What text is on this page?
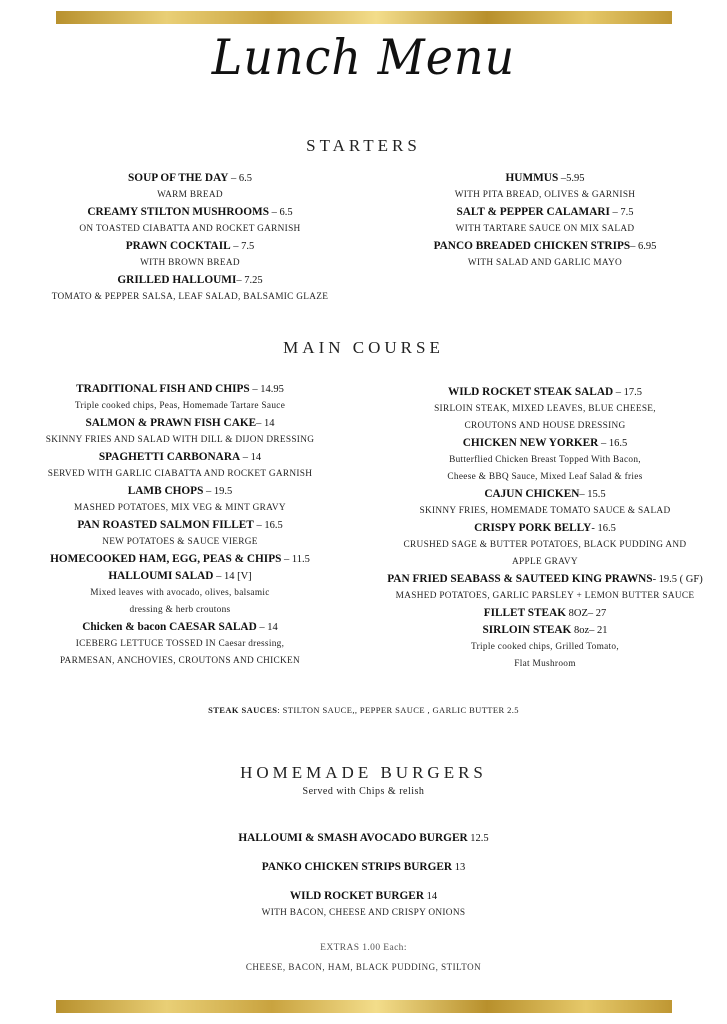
Lunch Menu
STARTERS
SOUP OF THE DAY – 6.5
WARM BREAD
CREAMY STILTON MUSHROOMS – 6.5
ON TOASTED CIABATTA AND ROCKET GARNISH
PRAWN COCKTAIL – 7.5
WITH BROWN BREAD
GRILLED HALLOUMI– 7.25
TOMATO & PEPPER SALSA, LEAF SALAD, BALSAMIC GLAZE
HUMMUS –5.95
WITH PITA BREAD, OLIVES & GARNISH
SALT & PEPPER CALAMARI – 7.5
WITH TARTARE SAUCE ON MIX SALAD
PANCO BREADED CHICKEN STRIPS– 6.95
WITH SALAD AND GARLIC MAYO
MAIN COURSE
TRADITIONAL FISH AND CHIPS – 14.95
Triple cooked chips, Peas, Homemade Tartare Sauce
SALMON & PRAWN FISH CAKE– 14
SKINNY FRIES AND SALAD WITH DILL & DIJON DRESSING
SPAGHETTI CARBONARA – 14
SERVED WITH GARLIC CIABATTA AND ROCKET GARNISH
LAMB CHOPS – 19.5
MASHED POTATOES, MIX VEG & MINT GRAVY
PAN ROASTED SALMON FILLET – 16.5
NEW POTATOES & SAUCE VIERGE
HOMECOOKED HAM, EGG, PEAS & CHIPS – 11.5
HALLOUMI SALAD – 14 [V]
Mixed leaves with avocado, olives, balsamic
dressing & herb croutons
Chicken & bacon CAESAR SALAD – 14
ICEBERG LETTUCE TOSSED IN Caesar dressing,
PARMESAN, ANCHOVIES, CROUTONS AND CHICKEN
WILD ROCKET STEAK SALAD – 17.5
SIRLOIN STEAK, MIXED LEAVES, BLUE CHEESE,
CROUTONS AND HOUSE DRESSING
CHICKEN NEW YORKER – 16.5
Butterflied Chicken Breast Topped With Bacon,
Cheese & BBQ Sauce, Mixed Leaf Salad & fries
CAJUN CHICKEN– 15.5
SKINNY FRIES, HOMEMADE TOMATO SAUCE & SALAD
CRISPY PORK BELLY- 16.5
CRUSHED SAGE & BUTTER POTATOES, BLACK PUDDING AND
APPLE GRAVY
PAN FRIED SEABASS & SAUTEED KING PRAWNS- 19.5 ( GF)
MASHED POTATOES, GARLIC PARSLEY + LEMON BUTTER SAUCE
FILLET STEAK 8OZ– 27
SIRLOIN STEAK 8oz– 21
Triple cooked chips, Grilled Tomato,
Flat Mushroom
STEAK SAUCES: STILTON SAUCE,, PEPPER SAUCE , GARLIC BUTTER 2.5
HOMEMADE BURGERS
Served with Chips & relish
HALLOUMI & SMASH AVOCADO BURGER 12.5
PANKO CHICKEN STRIPS BURGER 13
WILD ROCKET BURGER 14
WITH BACON, CHEESE AND CRISPY ONIONS
EXTRAS 1.00 Each:
CHEESE, BACON, HAM, BLACK PUDDING, STILTON
